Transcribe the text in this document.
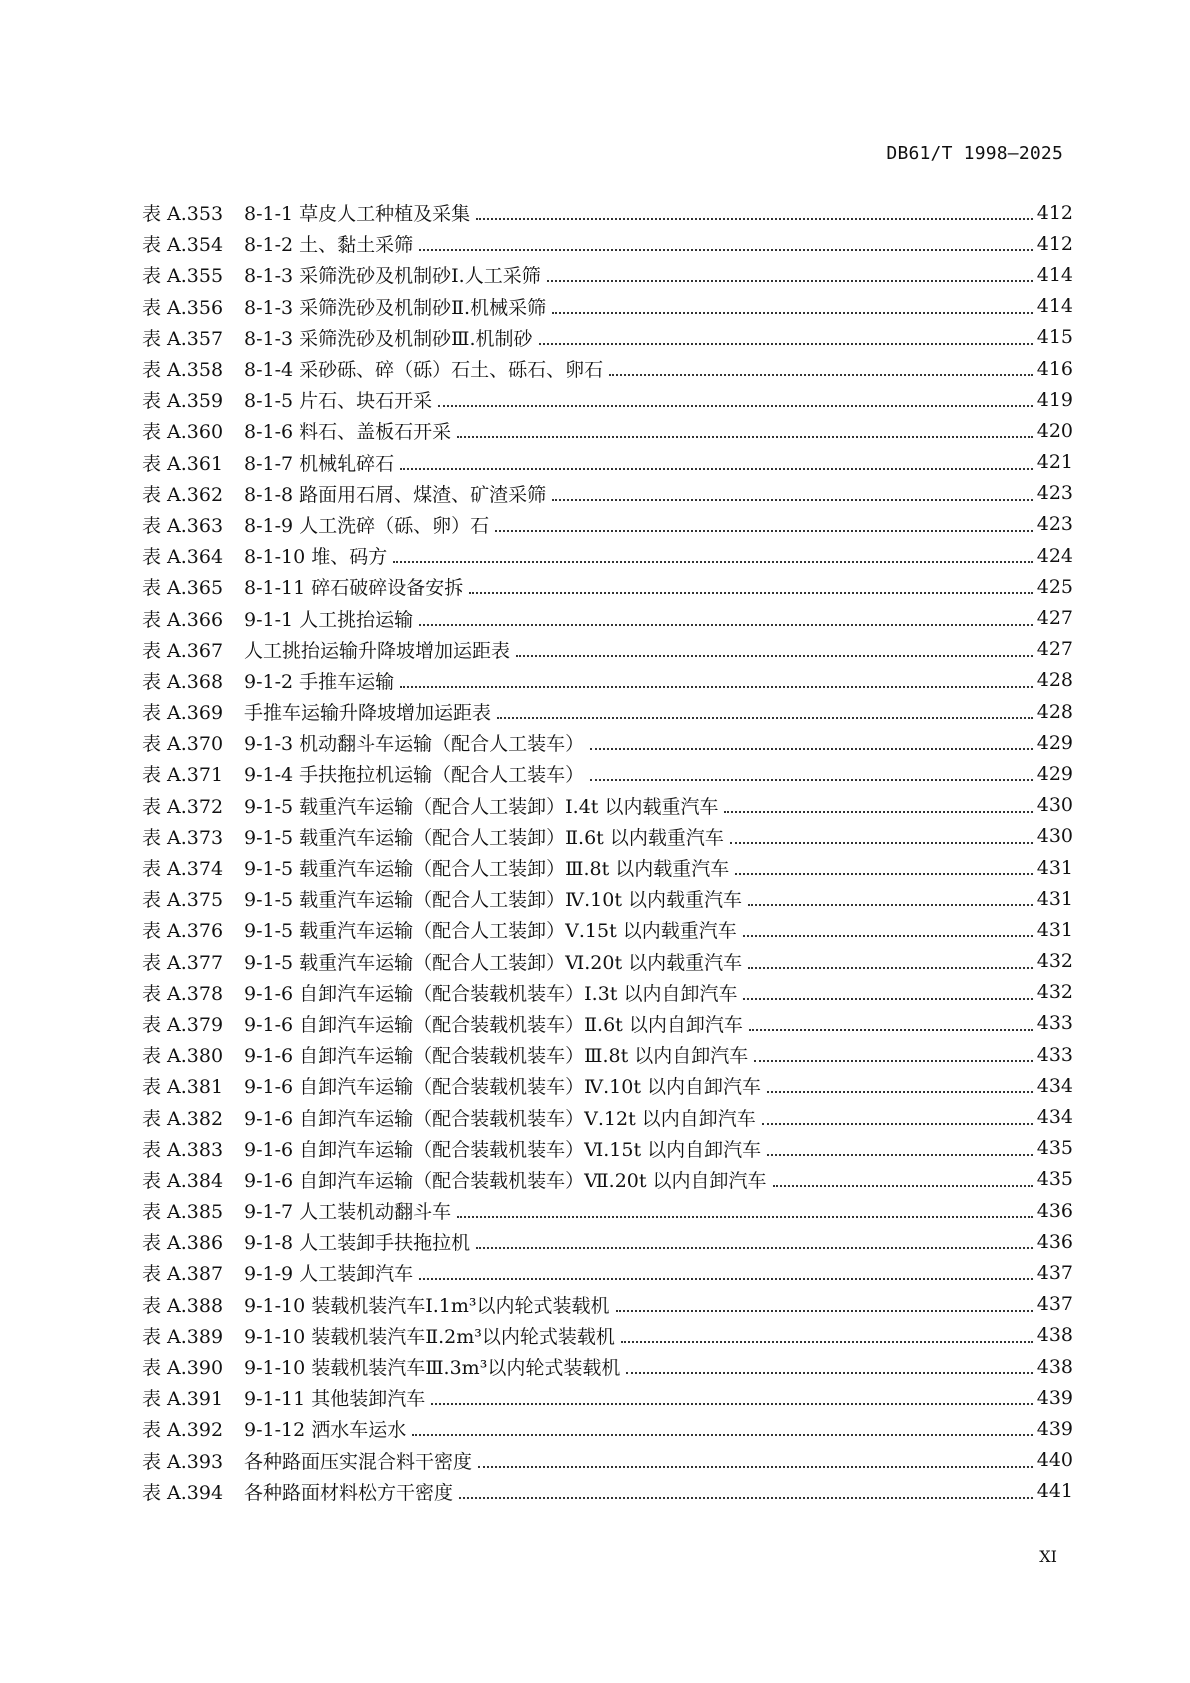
DB61/T 1998—2025
表 A.353	8-1-1 草皮人工种植及采集	412
表 A.354	8-1-2 土、黏土采筛	412
表 A.355	8-1-3 采筛洗砂及机制砂Ⅰ.人工采筛	414
表 A.356	8-1-3 采筛洗砂及机制砂Ⅱ.机械采筛	414
表 A.357	8-1-3 采筛洗砂及机制砂Ⅲ.机制砂	415
表 A.358	8-1-4 采砂砾、碎（砾）石土、砾石、卵石	416
表 A.359	8-1-5 片石、块石开采	419
表 A.360	8-1-6 料石、盖板石开采	420
表 A.361	8-1-7 机械轧碎石	421
表 A.362	8-1-8 路面用石屑、煤渣、矿渣采筛	423
表 A.363	8-1-9 人工洗碎（砾、卵）石	423
表 A.364	8-1-10 堆、码方	424
表 A.365	8-1-11 碎石破碎设备安拆	425
表 A.366	9-1-1 人工挑抬运输	427
表 A.367	人工挑抬运输升降坡增加运距表	427
表 A.368	9-1-2 手推车运输	428
表 A.369	手推车运输升降坡增加运距表	428
表 A.370	9-1-3 机动翻斗车运输（配合人工装车）	429
表 A.371	9-1-4 手扶拖拉机运输（配合人工装车）	429
表 A.372	9-1-5 载重汽车运输（配合人工装卸）Ⅰ.4t 以内载重汽车	430
表 A.373	9-1-5 载重汽车运输（配合人工装卸）Ⅱ.6t 以内载重汽车	430
表 A.374	9-1-5 载重汽车运输（配合人工装卸）Ⅲ.8t 以内载重汽车	431
表 A.375	9-1-5 载重汽车运输（配合人工装卸）Ⅳ.10t 以内载重汽车	431
表 A.376	9-1-5 载重汽车运输（配合人工装卸）Ⅴ.15t 以内载重汽车	431
表 A.377	9-1-5 载重汽车运输（配合人工装卸）Ⅵ.20t 以内载重汽车	432
表 A.378	9-1-6 自卸汽车运输（配合装载机装车）Ⅰ.3t 以内自卸汽车	432
表 A.379	9-1-6 自卸汽车运输（配合装载机装车）Ⅱ.6t 以内自卸汽车	433
表 A.380	9-1-6 自卸汽车运输（配合装载机装车）Ⅲ.8t 以内自卸汽车	433
表 A.381	9-1-6 自卸汽车运输（配合装载机装车）Ⅳ.10t 以内自卸汽车	434
表 A.382	9-1-6 自卸汽车运输（配合装载机装车）Ⅴ.12t 以内自卸汽车	434
表 A.383	9-1-6 自卸汽车运输（配合装载机装车）Ⅵ.15t 以内自卸汽车	435
表 A.384	9-1-6 自卸汽车运输（配合装载机装车）Ⅶ.20t 以内自卸汽车	435
表 A.385	9-1-7 人工装机动翻斗车	436
表 A.386	9-1-8 人工装卸手扶拖拉机	436
表 A.387	9-1-9 人工装卸汽车	437
表 A.388	9-1-10 装载机装汽车Ⅰ.1m³以内轮式装载机	437
表 A.389	9-1-10 装载机装汽车Ⅱ.2m³以内轮式装载机	438
表 A.390	9-1-10 装载机装汽车Ⅲ.3m³以内轮式装载机	438
表 A.391	9-1-11 其他装卸汽车	439
表 A.392	9-1-12 洒水车运水	439
表 A.393	各种路面压实混合料干密度	440
表 A.394	各种路面材料松方干密度	441
XI
